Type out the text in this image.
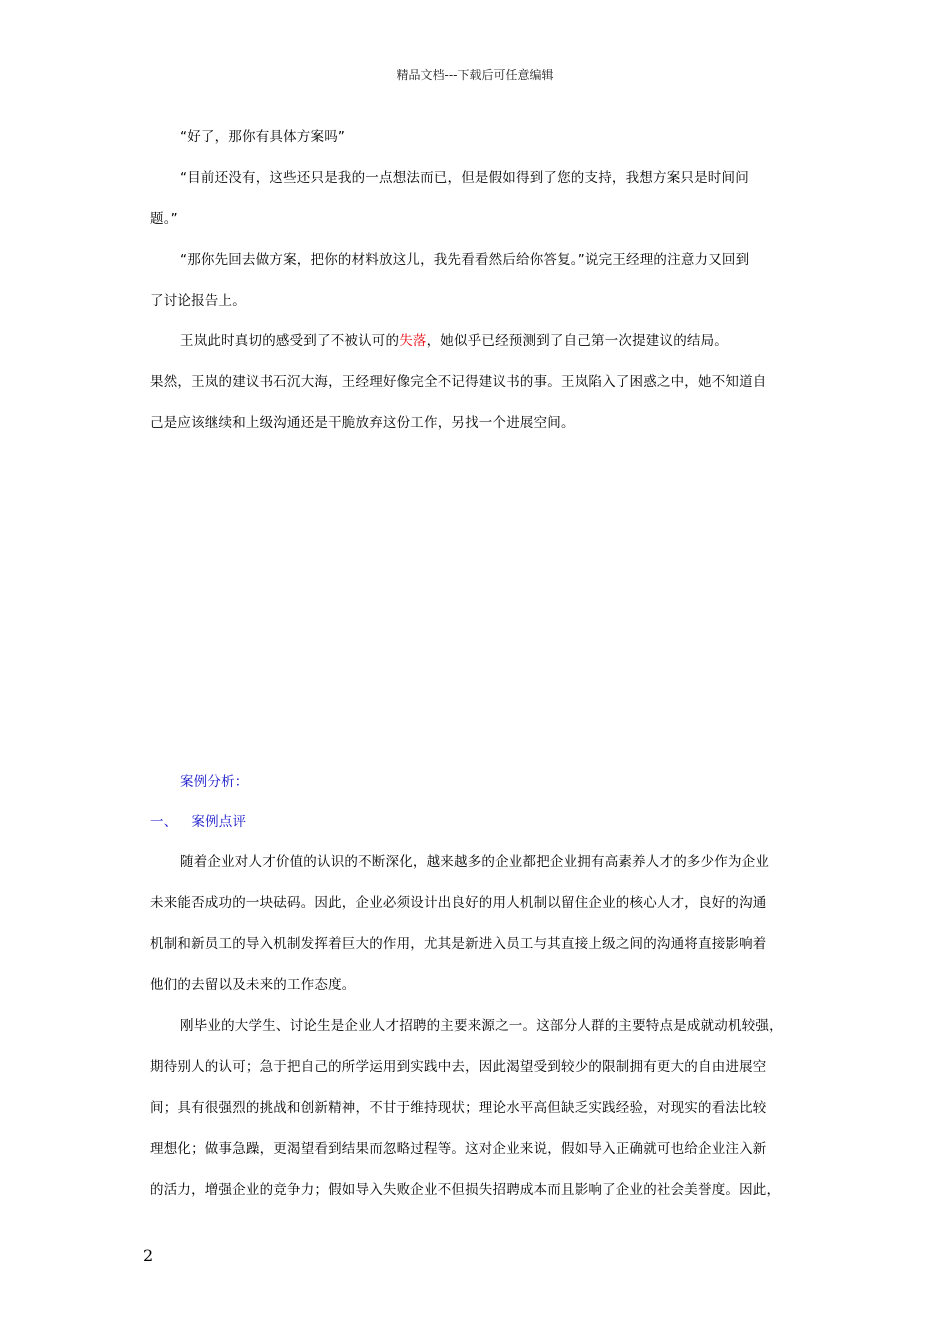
精品文档---下载后可任意编辑
“好了，那你有具体方案吗”
“目前还没有，这些还只是我的一点想法而已，但是假如得到了您的支持，我想方案只是时间问
题。”
“那你先回去做方案，把你的材料放这儿，我先看看然后给你答复。”说完王经理的注意力又回到
了讨论报告上。
王岚此时真切的感受到了不被认可的失落，她似乎已经预测到了自己第一次提建议的结局。
果然，王岚的建议书石沉大海，王经理好像完全不记得建议书的事。王岚陷入了困惑之中，她不知道自
己是应该继续和上级沟通还是干脆放弃这份工作，另找一个进展空间。
案例分析：
一、 案例点评
随着企业对人才价值的认识的不断深化，越来越多的企业都把企业拥有高素养人才的多少作为企业
未来能否成功的一块砝码。因此，企业必须设计出良好的用人机制以留住企业的核心人才，良好的沟通
机制和新员工的导入机制发挥着巨大的作用，尤其是新进入员工与其直接上级之间的沟通将直接影响着
他们的去留以及未来的工作态度。
刚毕业的大学生、讨论生是企业人才招聘的主要来源之一。这部分人群的主要特点是成就动机较强，
期待别人的认可；急于把自己的所学运用到实践中去，因此渴望受到较少的限制拥有更大的自由进展空
间；具有很强烈的挑战和创新精神，不甘于维持现状；理论水平高但缺乏实践经验，对现实的看法比较
理想化；做事急躁，更渴望看到结果而忽略过程等。这对企业来说，假如导入正确就可也给企业注入新
的活力，增强企业的竞争力；假如导入失败企业不但损失招聘成本而且影响了企业的社会美誉度。因此，
2
